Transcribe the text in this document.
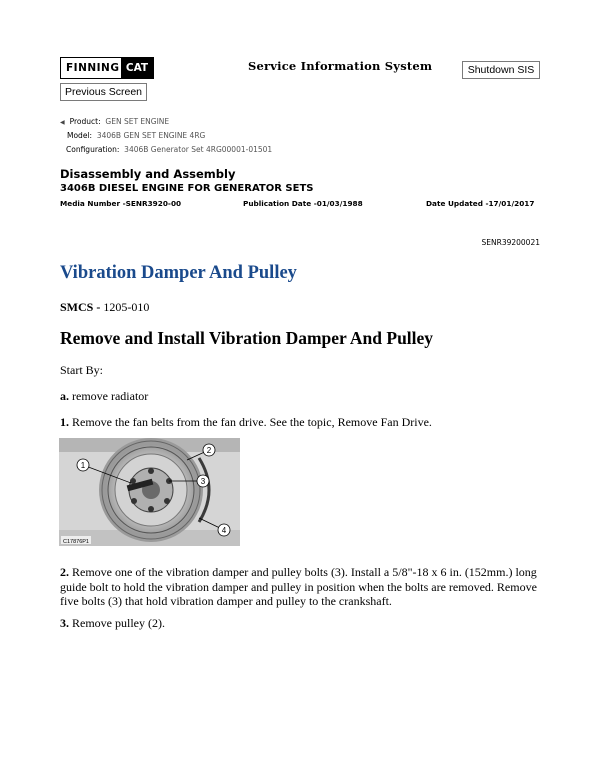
FINNING CAT	Service Information System	Shutdown SIS
Previous Screen
◀ Product: GEN SET ENGINE
Model: 3406B GEN SET ENGINE 4RG
Configuration: 3406B Generator Set 4RG00001-01501
Disassembly and Assembly
3406B DIESEL ENGINE FOR GENERATOR SETS
Media Number -SENR3920-00	Publication Date -01/03/1988	Date Updated -17/01/2017
SENR39200021
Vibration Damper And Pulley
SMCS - 1205-010
Remove and Install Vibration Damper And Pulley
Start By:
a. remove radiator
1. Remove the fan belts from the fan drive. See the topic, Remove Fan Drive.
1
2
3
4
C17876P1
2. Remove one of the vibration damper and pulley bolts (3). Install a 5/8"-18 x 6 in. (152mm.) long guide bolt to hold the vibration damper and pulley in position when the bolts are removed. Remove five bolts (3) that hold vibration damper and pulley to the crankshaft.
3. Remove pulley (2).
